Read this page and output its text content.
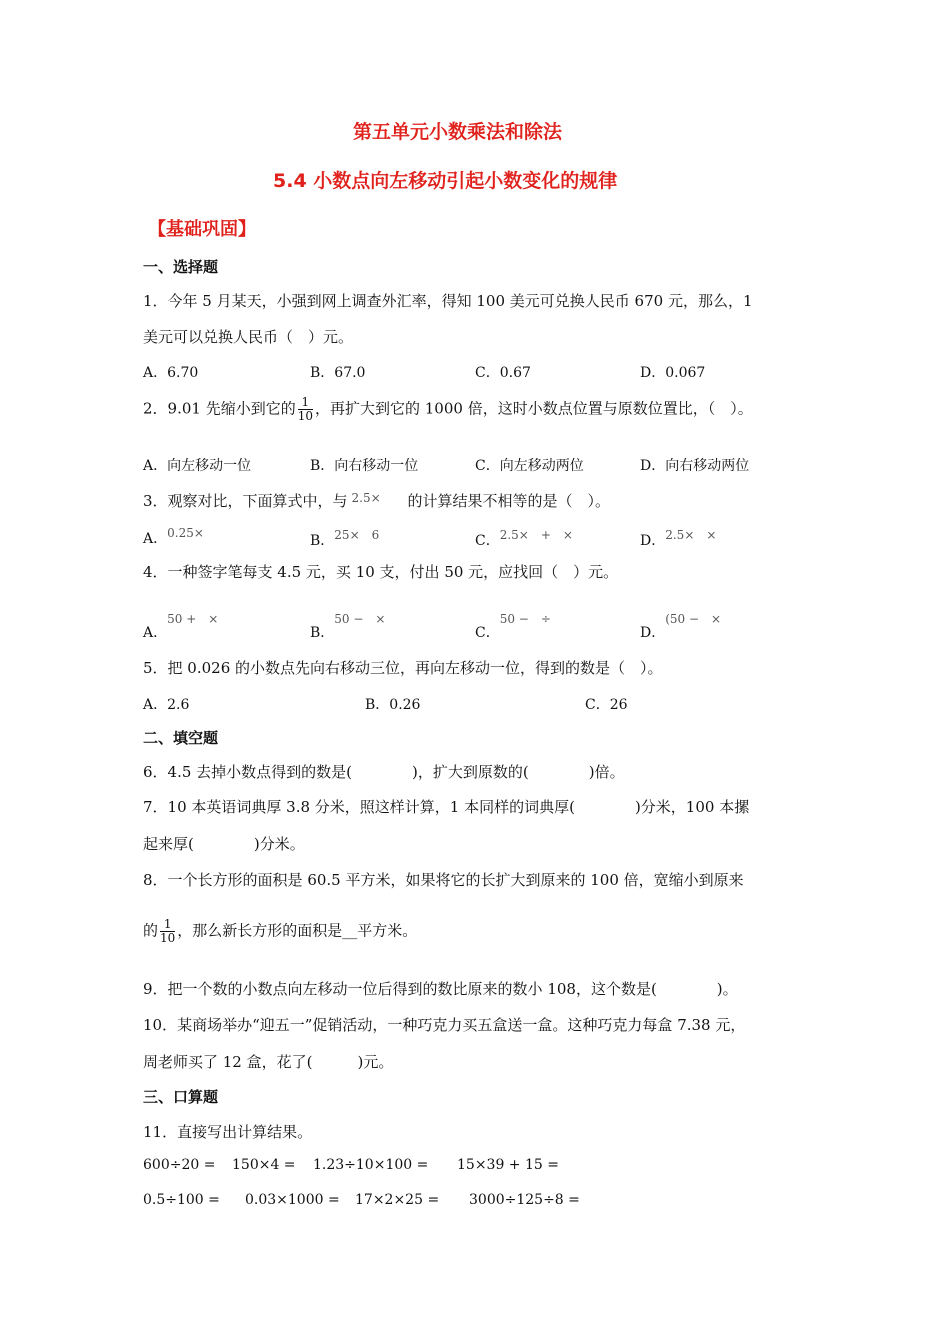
第五单元小数乘法和除法
5.4 小数点向左移动引起小数变化的规律
【基础巩固】
一、选择题
1．今年 5 月某天，小强到网上调查外汇率，得知 100 美元可兑换人民币 670 元，那么，1
美元可以兑换人民币（　）元。
A．6.70	B．67.0	C．0.67	D．0.067
2．9.01 先缩小到它的 $\frac{1}{10}$ ，再扩大到它的 1000 倍，这时小数点位置与原数位置比，（　）。
A．向左移动一位	B．向右移动一位	C．向左移动两位	D．向右移动两位
3．观察对比，下面算式中，与 2.5× 的计算结果不相等的是（　）。
A．0.25×	B．25×　6	C．2.5×　+　×	D．2.5×　×
4．一种签字笔每支 4.5 元，买 10 支，付出 50 元，应找回（　）元。
A．50 +　×
B．50 −　×
C．50 −　÷
D．(50 −　×
5．把 0.026 的小数点先向右移动三位，再向左移动一位，得到的数是（　）。
A．2.6	B．0.26	C．26
二、填空题
6．4.5 去掉小数点得到的数是(　　　　)，扩大到原数的(　　　　)倍。
7．10 本英语词典厚 3.8 分米，照这样计算，1 本同样的词典厚(　　　　)分米，100 本摞
起来厚(　　　　)分米。
8．一个长方形的面积是 60.5 平方米，如果将它的长扩大到原来的 100 倍，宽缩小到原来
的 $\frac{1}{10}$ ，那么新长方形的面积是__平方米。
9．把一个数的小数点向左移动一位后得到的数比原来的数小 108，这个数是(　　　　)。
10．某商场举办“迎五一”促销活动，一种巧克力买五盒送一盒。这种巧克力每盒 7.38 元，
周老师买了 12 盒，花了(　　　)元。
三、口算题
11．直接写出计算结果。
600÷20 = 150×4 = 1.23÷10×100 = 15×39 + 15 =
0.5÷100 = 0.03×1000 = 17×2×25 = 3000÷125÷8 =
